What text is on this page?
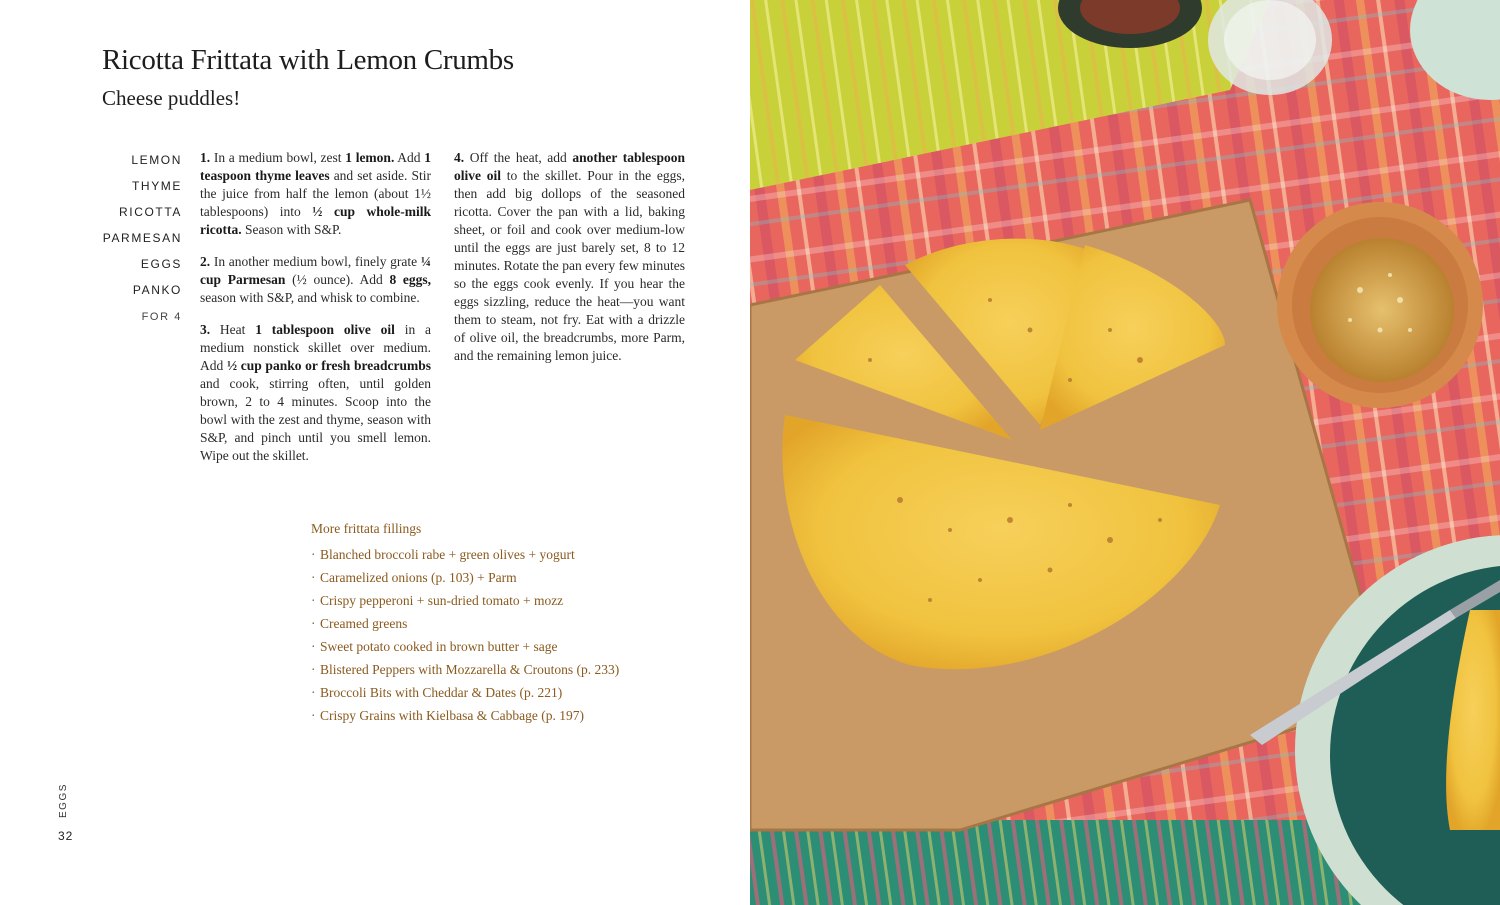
Ricotta Frittata with Lemon Crumbs

Cheese puddles!

LEMON
THYME
RICOTTA
PARMESAN
EGGS
PANKO
FOR 4

1. In a medium bowl, zest 1 lemon. Add 1 teaspoon thyme leaves and set aside. Stir the juice from half the lemon (about 1½ tablespoons) into ½ cup whole-milk ricotta. Season with S&P.

2. In another medium bowl, finely grate ¼ cup Parmesan (½ ounce). Add 8 eggs, season with S&P, and whisk to combine.

3. Heat 1 tablespoon olive oil in a medium nonstick skillet over medium. Add ½ cup panko or fresh breadcrumbs and cook, stirring often, until golden brown, 2 to 4 minutes. Scoop into the bowl with the zest and thyme, season with S&P, and pinch until you smell lemon. Wipe out the skillet.

4. Off the heat, add another tablespoon olive oil to the skillet. Pour in the eggs, then add big dollops of the seasoned ricotta. Cover the pan with a lid, baking sheet, or foil and cook over medium-low until the eggs are just barely set, 8 to 12 minutes. Rotate the pan every few minutes so the eggs cook evenly. If you hear the eggs sizzling, reduce the heat—you want them to steam, not fry. Eat with a drizzle of olive oil, the breadcrumbs, more Parm, and the remaining lemon juice.

More frittata fillings
· Blanched broccoli rabe + green olives + yogurt
· Caramelized onions (p. 103) + Parm
· Crispy pepperoni + sun-dried tomato + mozz
· Creamed greens
· Sweet potato cooked in brown butter + sage
· Blistered Peppers with Mozzarella & Croutons (p. 233)
· Broccoli Bits with Cheddar & Dates (p. 221)
· Crispy Grains with Kielbasa & Cabbage (p. 197)
EGGS
32
